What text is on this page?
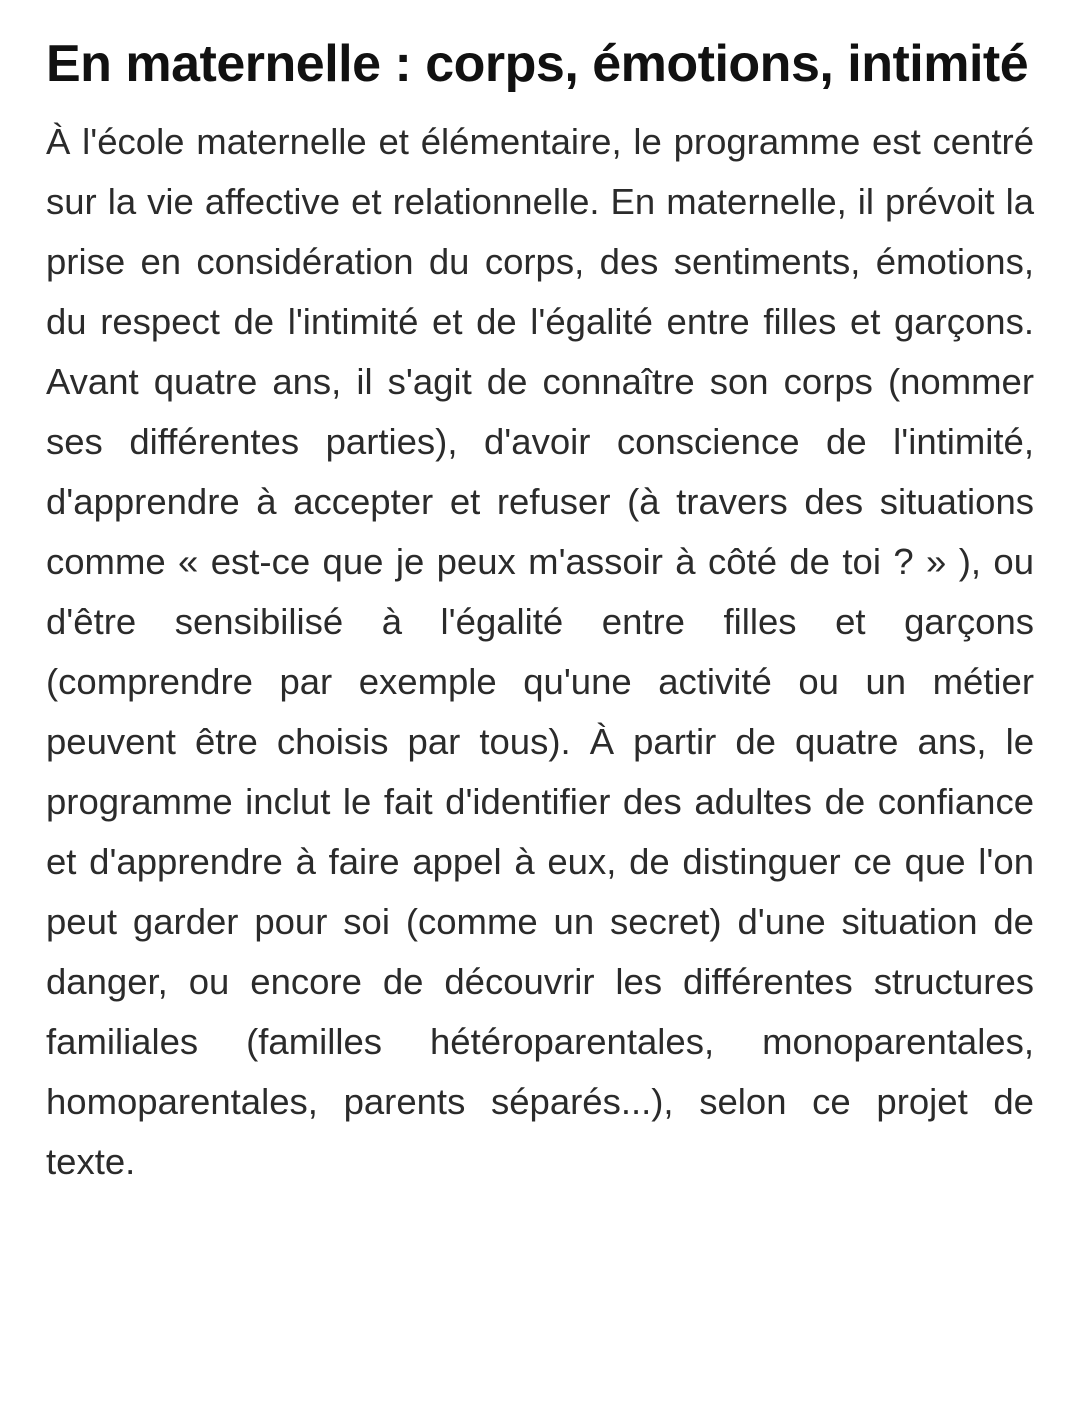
En maternelle : corps, émotions, intimité

À l'école maternelle et élémentaire, le programme est centré sur la vie affective et relationnelle. En maternelle, il prévoit la prise en considération du corps, des sentiments, émotions, du respect de l'intimité et de l'égalité entre filles et garçons. Avant quatre ans, il s'agit de connaître son corps (nommer ses différentes parties), d'avoir conscience de l'intimité, d'apprendre à accepter et refuser (à travers des situations comme « est-ce que je peux m'assoir à côté de toi ? » ), ou d'être sensibilisé à l'égalité entre filles et garçons (comprendre par exemple qu'une activité ou un métier peuvent être choisis par tous). À partir de quatre ans, le programme inclut le fait d'identifier des adultes de confiance et d'apprendre à faire appel à eux, de distinguer ce que l'on peut garder pour soi (comme un secret) d'une situation de danger, ou encore de découvrir les différentes structures familiales (familles hétéroparentales, monoparentales, homoparentales, parents séparés...), selon ce projet de texte.
